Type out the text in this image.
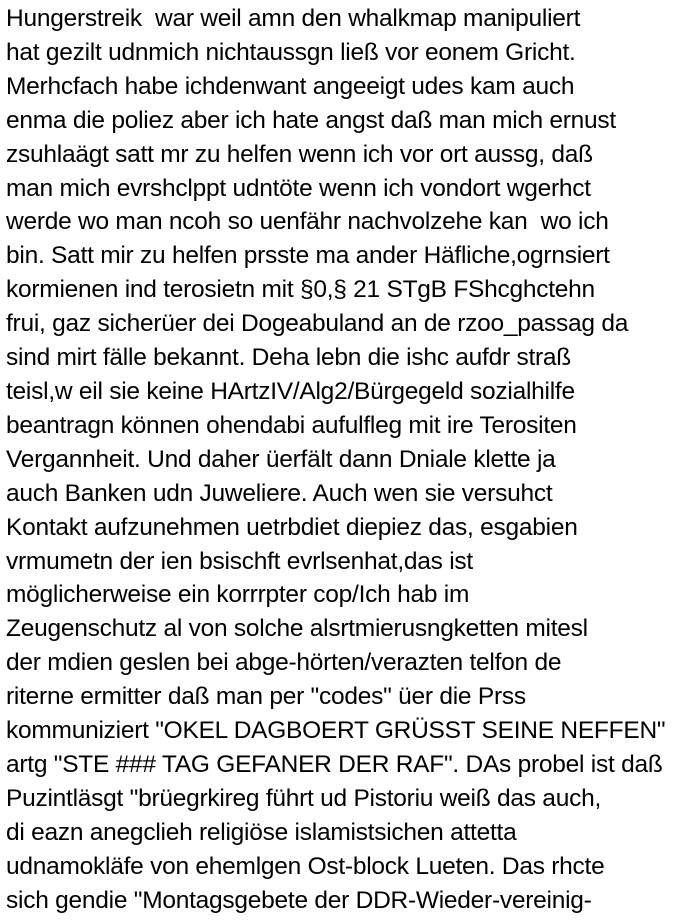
Hungerstreik  war weil amn den whalkmap manipuliert
hat gezilt udnmich nichtaussgn ließ vor eonem Gricht.
Merhcfach habe ichdenwant angeeigt udes kam auch
enma die poliez aber ich hate angst daß man mich ernust
zsuhlaägt satt mr zu helfen wenn ich vor ort aussg, daß
man mich evrshclppt udntöte wenn ich vondort wgerhct
werde wo man ncoh so uenfähr nachvolzehe kan  wo ich
bin. Satt mir zu helfen prsste ma ander Häfliche,ogrnsiert
kormienen ind terosietn mit §0,§ 21 STgB FShcghctehn
frui, gaz sicherüer dei Dogeabuland an de rzoo_passag da
sind mirt fälle bekannt. Deha lebn die ishc aufdr straß
teisl,w eil sie keine HArtzIV/Alg2/Bürgegeld sozialhilfe
beantragn können ohendabi aufulfleg mit ire Terositen
Vergannheit. Und daher üerfält dann Dniale klette ja
auch Banken udn Juweliere. Auch wen sie versuhct
Kontakt aufzunehmen uetrbdiet diepiez das, esgabien
vrmumetn der ien bsischft evrlsenhat,das ist
möglicherweise ein korrrpter cop/Ich hab im
Zeugenschutz al von solche alsrtmierusngketten mitesl
der mdien geslen bei abge-hörten/verazten telfon de
riterne ermitter daß man per "codes" üer die Prss
kommuniziert "OKEL DAGBOERT GRÜSST SEINE NEFFEN"
artg "STE ### TAG GEFANER DER RAF". DAs probel ist daß
Puzintläsgt "brüegrkireg führt ud Pistoriu weiß das auch,
di eazn anegclieh religiöse islamistsichen attetta
udnamokläfe von ehemlgen Ost-block Lueten. Das rhcte
sich gendie "Montagsgebete der DDR-Wieder-vereinig-
